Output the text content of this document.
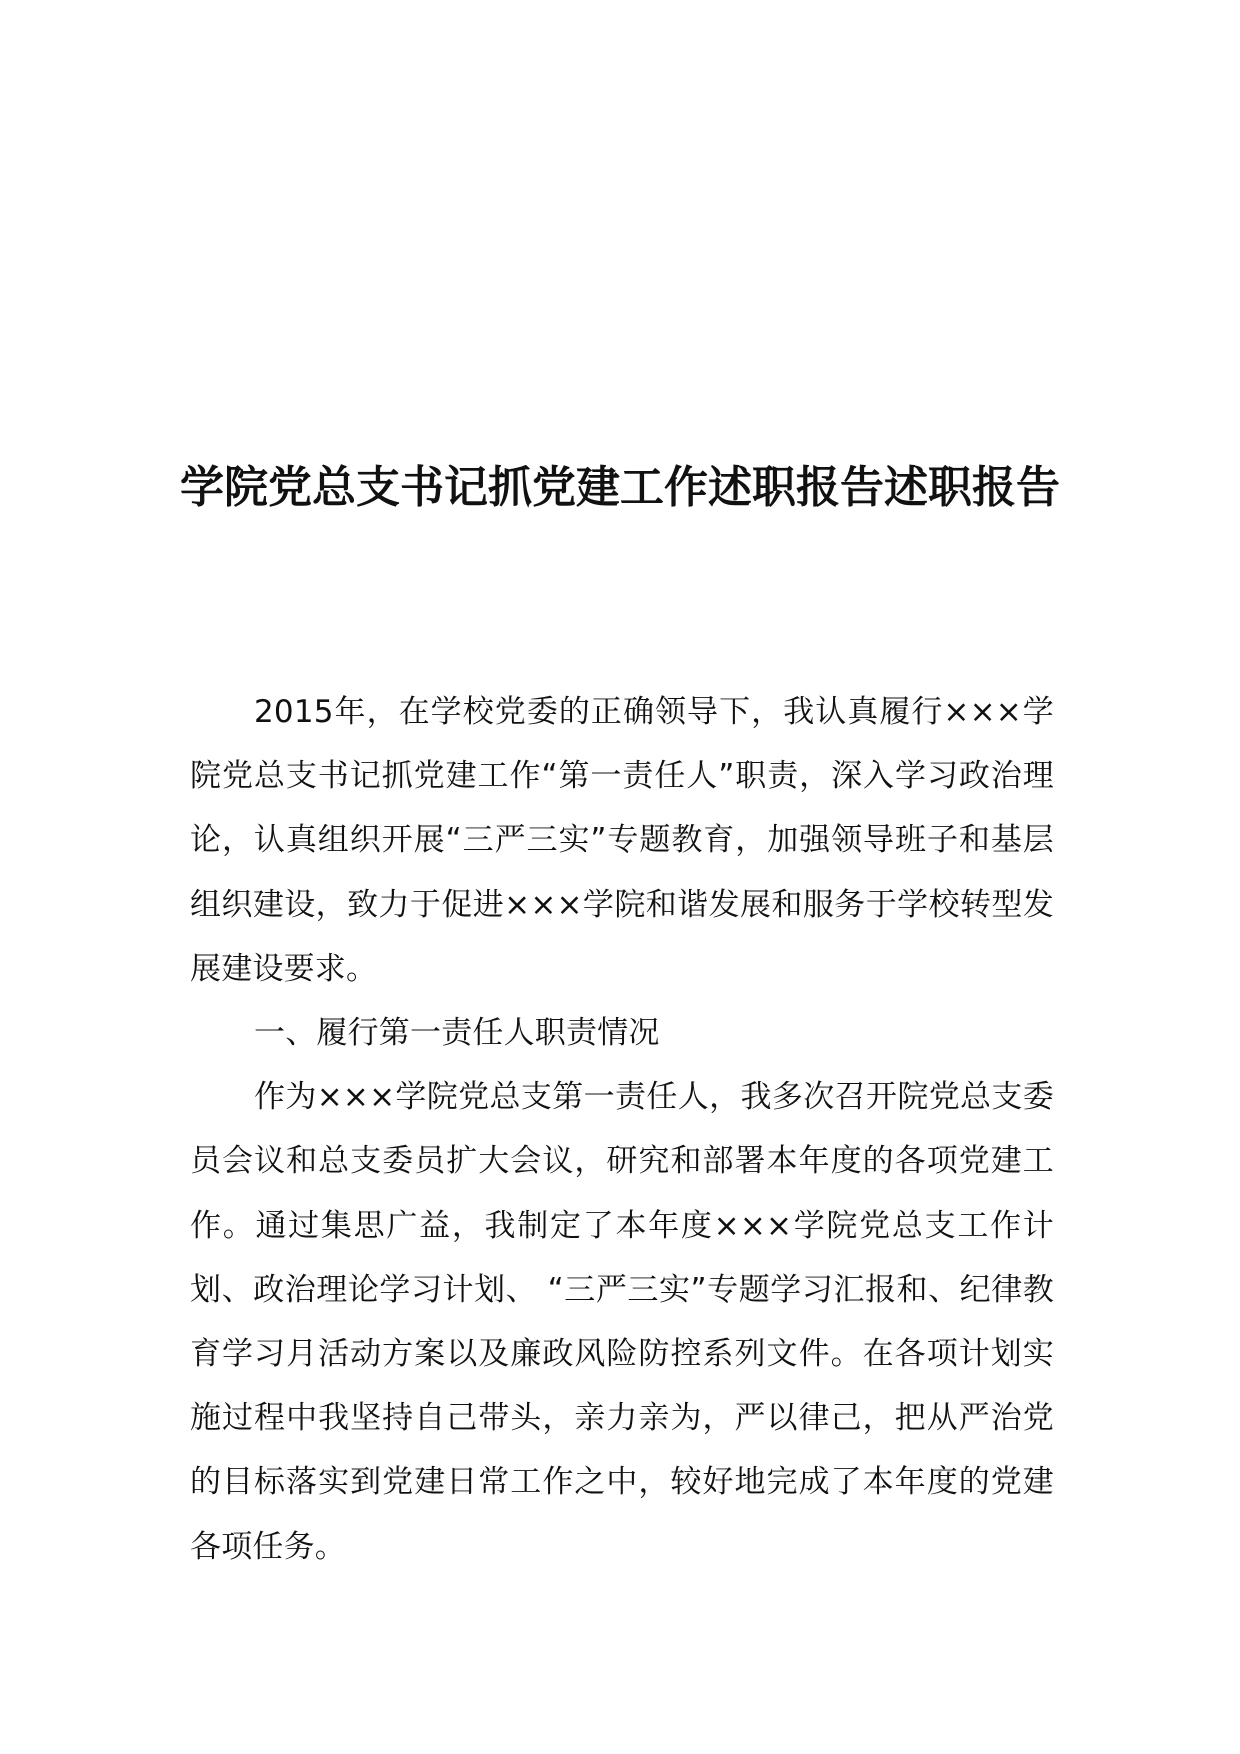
学院党总支书记抓党建工作述职报告述职报告

2015年，在学校党委的正确领导下，我认真履行×××学院党总支书记抓党建工作“第一责任人”职责，深入学习政治理论，认真组织开展“三严三实”专题教育，加强领导班子和基层组织建设，致力于促进×××学院和谐发展和服务于学校转型发展建设要求。

一、履行第一责任人职责情况

作为×××学院党总支第一责任人，我多次召开院党总支委员会议和总支委员扩大会议，研究和部署本年度的各项党建工作。通过集思广益，我制定了本年度×××学院党总支工作计划、政治理论学习计划、 “三严三实”专题学习汇报和、纪律教育学习月活动方案以及廉政风险防控系列文件。在各项计划实施过程中我坚持自己带头，亲力亲为，严以律己，把从严治党的目标落实到党建日常工作之中，较好地完成了本年度的党建各项任务。
